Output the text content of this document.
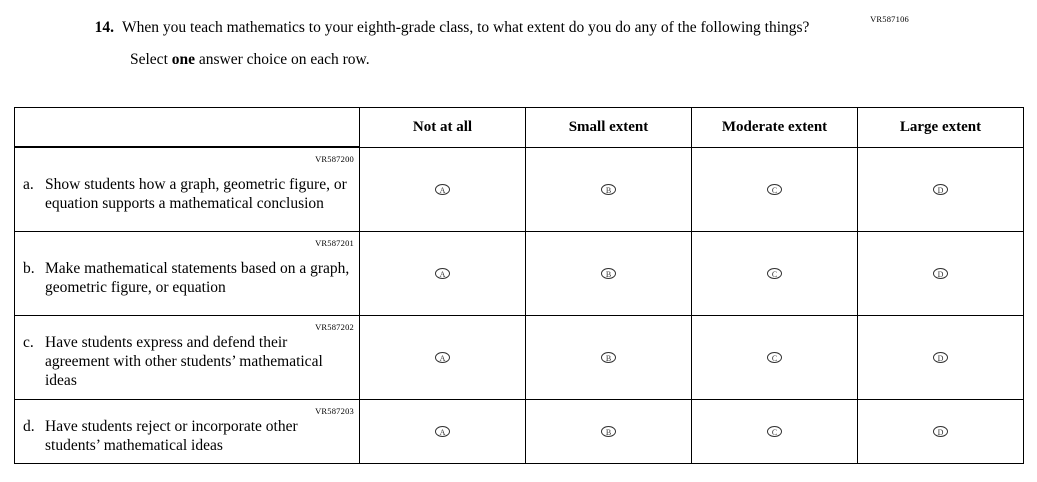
VR587106
14. When you teach mathematics to your eighth-grade class, to what extent do you do any of the following things?
Select one answer choice on each row.
	Not at all	Small extent	Moderate extent	Large extent

VR587200
a. Show students how a graph, geometric figure, or equation supports a mathematical conclusion	A	B	C	D

VR587201
b. Make mathematical statements based on a graph, geometric figure, or equation	A	B	C	D

VR587202
c. Have students express and defend their agreement with other students’ mathematical ideas	A	B	C	D

VR587203
d. Have students reject or incorporate other students’ mathematical ideas	A	B	C	D
